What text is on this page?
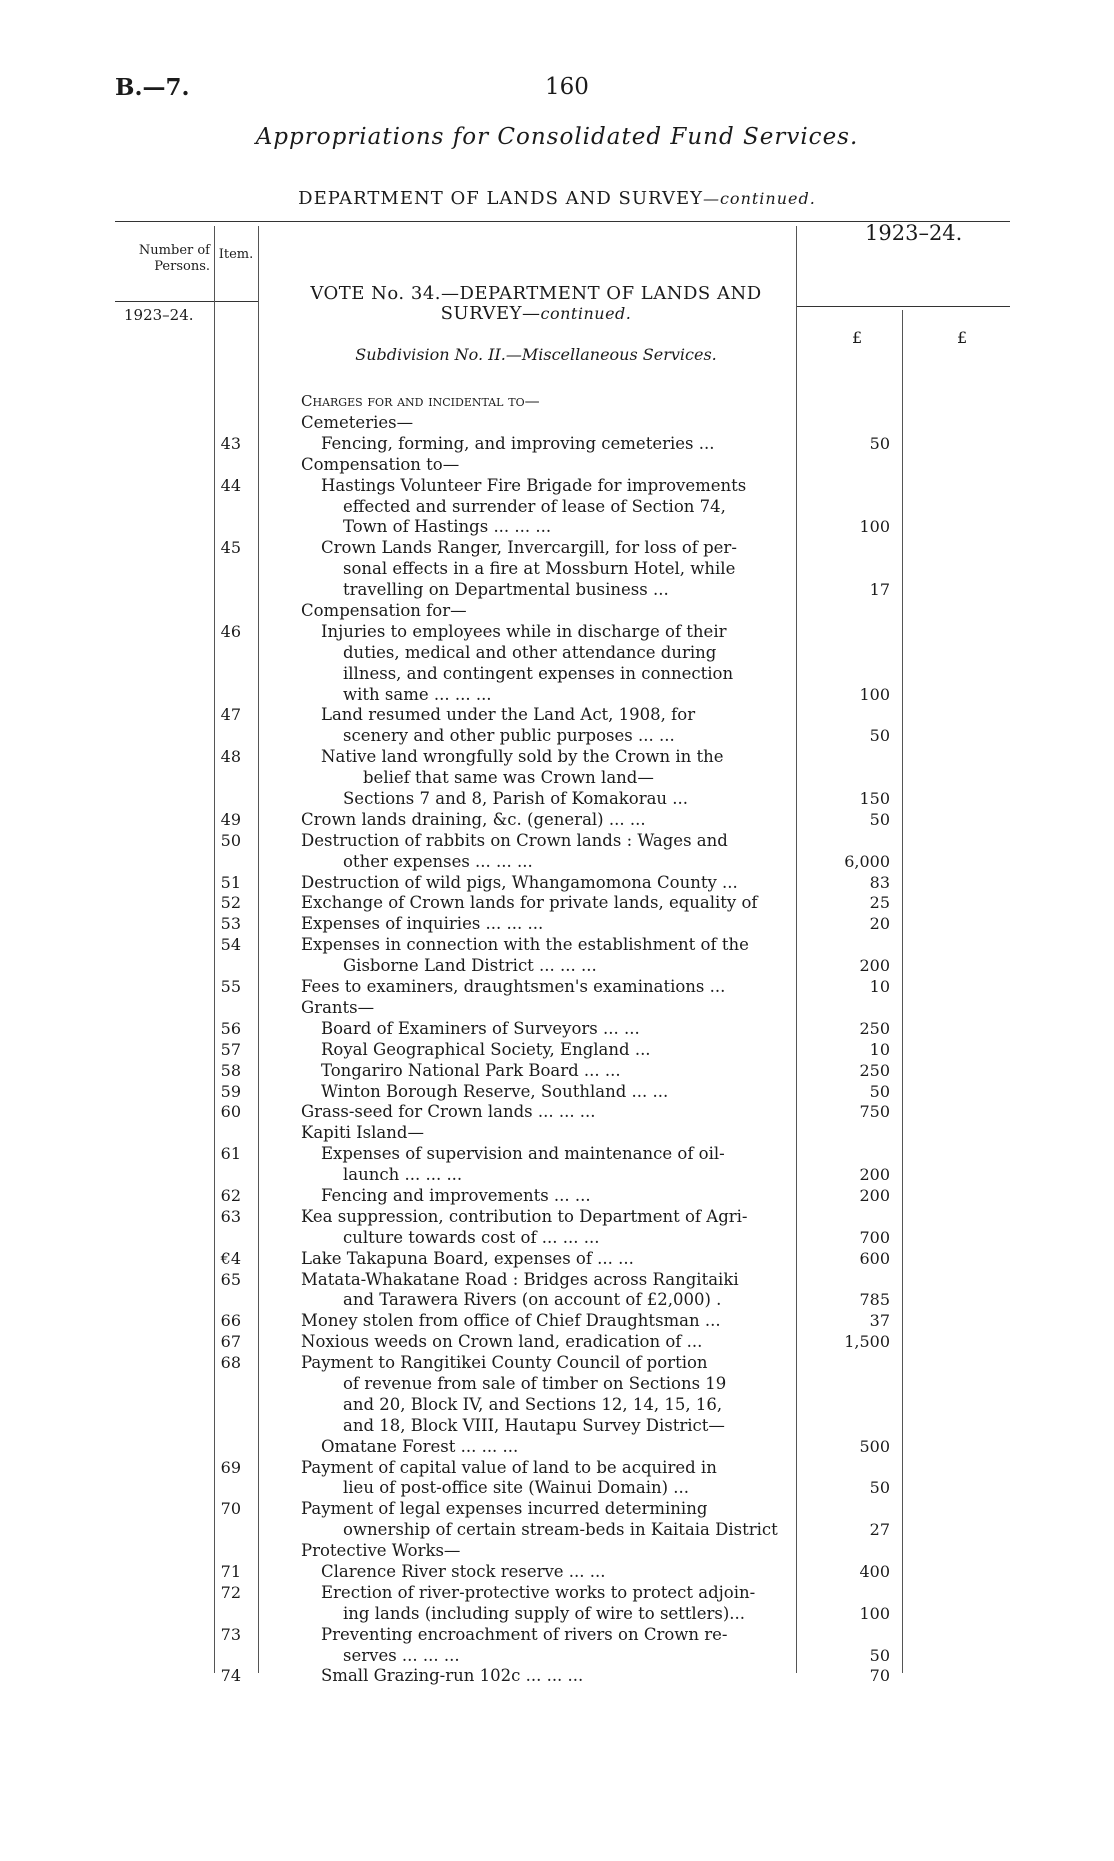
B.—7.	160
Appropriations for Consolidated Fund Services.
DEPARTMENT OF LANDS AND SURVEY—continued.
Number of Persons.
Item.
1923–24.
1923–24.
£	£
VOTE No. 34.—DEPARTMENT OF LANDS AND
SURVEY—continued.
Subdivision No. II.—Miscellaneous Services.
Charges for and incidental to—
Cemeteries—
43	Fencing, forming, and improving cemeteries ...	50
Compensation to—
44	Hastings Volunteer Fire Brigade for improvements
effected and surrender of lease of Section 74,
Town of Hastings ... ... ...	100
45	Crown Lands Ranger, Invercargill, for loss of per-
sonal effects in a fire at Mossburn Hotel, while
travelling on Departmental business ...	17
Compensation for—
46	Injuries to employees while in discharge of their
duties, medical and other attendance during
illness, and contingent expenses in connection
with same ... ... ...	100
47	Land resumed under the Land Act, 1908, for
scenery and other public purposes ... ...	50
48	Native land wrongfully sold by the Crown in the
belief that same was Crown land—
Sections 7 and 8, Parish of Komakorau ...	150
49	Crown lands draining, &c. (general) ... ...	50
50	Destruction of rabbits on Crown lands : Wages and
other expenses ... ... ...	6,000
51	Destruction of wild pigs, Whangamomona County ...	83
52	Exchange of Crown lands for private lands, equality of	25
53	Expenses of inquiries ... ... ...	20
54	Expenses in connection with the establishment of the
Gisborne Land District ... ... ...	200
55	Fees to examiners, draughtsmen's examinations ...	10
Grants—
56	Board of Examiners of Surveyors ... ...	250
57	Royal Geographical Society, England ...	10
58	Tongariro National Park Board ... ...	250
59	Winton Borough Reserve, Southland ... ...	50
60	Grass-seed for Crown lands ... ... ...	750
Kapiti Island—
61	Expenses of supervision and maintenance of oil-
launch ... ... ...	200
62	Fencing and improvements ... ...	200
63	Kea suppression, contribution to Department of Agri-
culture towards cost of ... ... ...	700
€4	Lake Takapuna Board, expenses of ... ...	600
65	Matata-Whakatane Road : Bridges across Rangitaiki
and Tarawera Rivers (on account of £2,000) .	785
66	Money stolen from office of Chief Draughtsman ...	37
67	Noxious weeds on Crown land, eradication of ...	1,500
68	Payment to Rangitikei County Council of portion
of revenue from sale of timber on Sections 19
and 20, Block IV, and Sections 12, 14, 15, 16,
and 18, Block VIII, Hautapu Survey District—
Omatane Forest ... ... ...	500
69	Payment of capital value of land to be acquired in
lieu of post-office site (Wainui Domain) ...	50
70	Payment of legal expenses incurred determining
ownership of certain stream-beds in Kaitaia District	27
Protective Works—
71	Clarence River stock reserve ... ...	400
72	Erection of river-protective works to protect adjoin-
ing lands (including supply of wire to settlers)...	100
73	Preventing encroachment of rivers on Crown re-
serves ... ... ...	50
74	Small Grazing-run 102c ... ... ...	70
